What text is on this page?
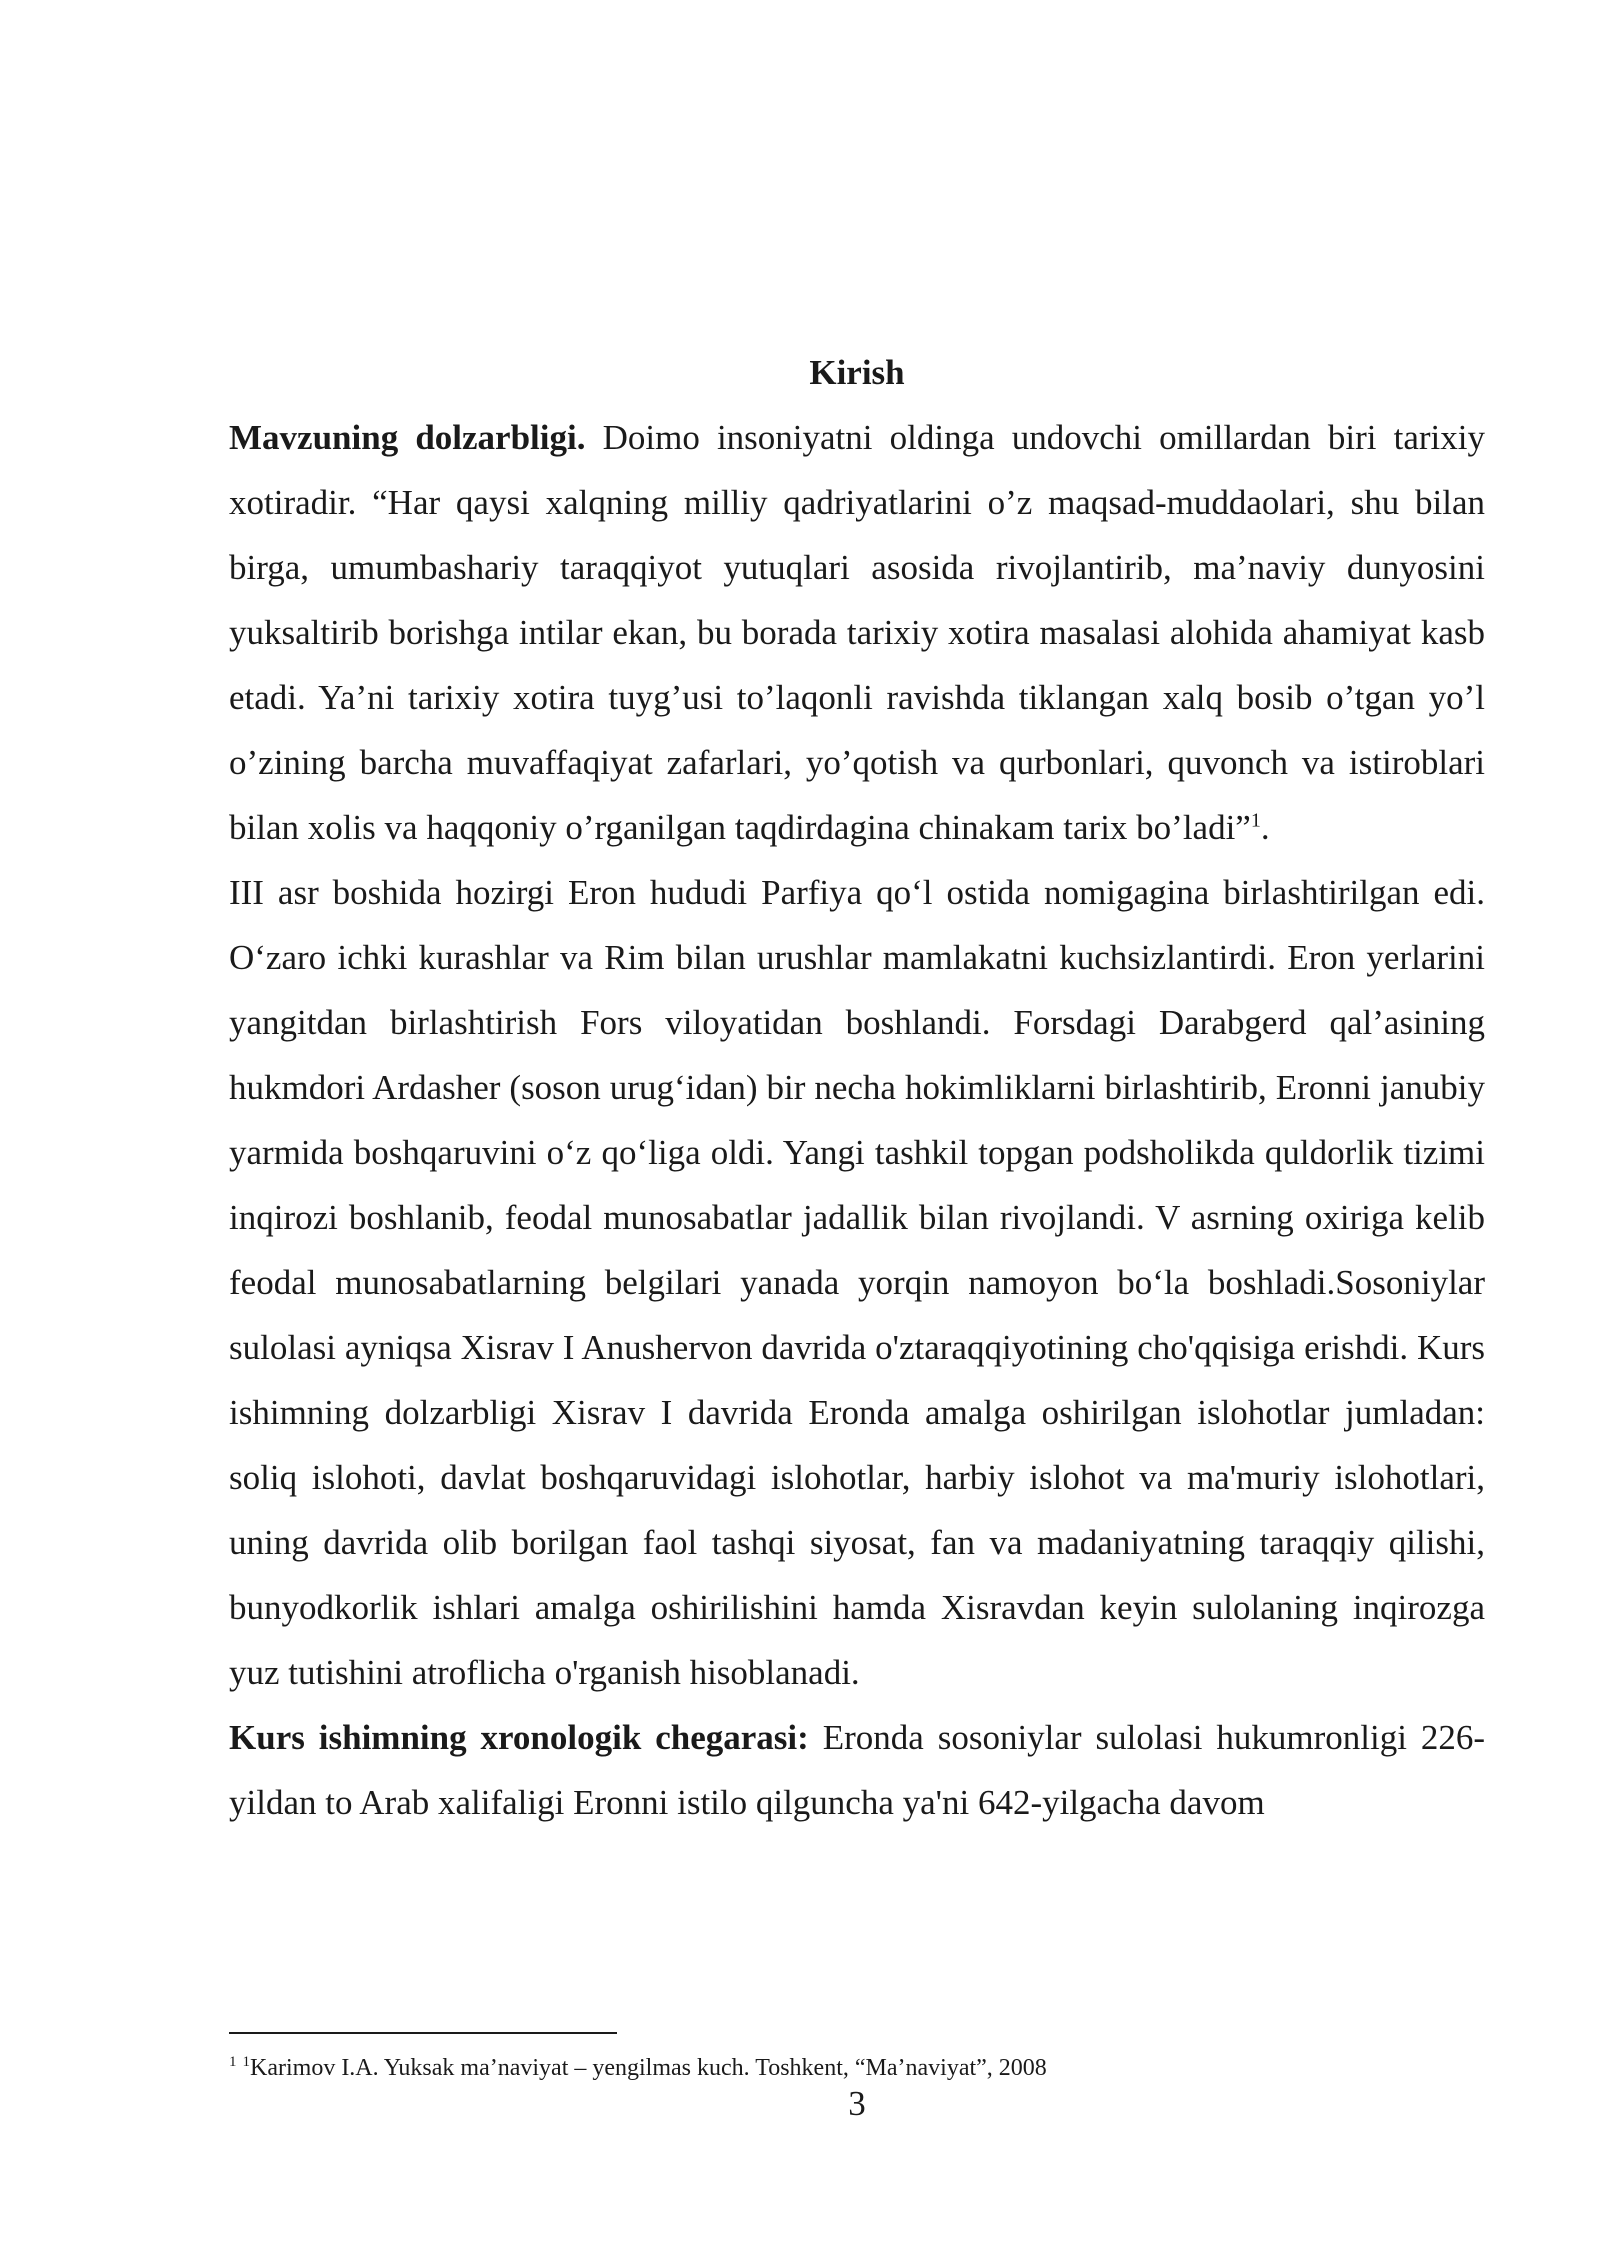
Kirish

Mavzuning dolzarbligi. Doimo insoniyatni oldinga undovchi omillardan biri tarixiy xotiradir. “Har qaysi xalqning milliy qadriyatlarini o’z maqsad-muddaolari, shu bilan birga, umumbashariy taraqqiyot yutuqlari asosida rivojlantirib, ma’naviy dunyosini yuksaltirib borishga intilar ekan, bu borada tarixiy xotira masalasi alohida ahamiyat kasb etadi. Ya’ni tarixiy xotira tuyg’usi to’laqonli ravishda tiklangan xalq bosib o’tgan yo’l o’zining barcha muvaffaqiyat zafarlari, yo’qotish va qurbonlari, quvonch va istiroblari bilan xolis va haqqoniy o’rganilgan taqdirdagina chinakam tarix bo’ladi”$^1$.

III asr boshida hozirgi Eron hududi Parfiya qo‘l ostida nomigagina birlashtirilgan edi. O‘zaro ichki kurashlar va Rim bilan urushlar mamlakatni kuchsizlantirdi. Eron yerlarini yangitdan birlashtirish Fors viloyatidan boshlandi. Forsdagi Darabgerd qal’asining hukmdori Ardasher (soson urug‘idan) bir necha hokimliklarni birlashtirib, Eronni janubiy yarmida boshqaruvini o‘z qo‘liga oldi. Yangi tashkil topgan podsholikda quldorlik tizimi inqirozi boshlanib, feodal munosabatlar jadallik bilan rivojlandi. V asrning oxiriga kelib feodal munosabatlarning belgilari yanada yorqin namoyon bo‘la boshladi.Sosoniylar sulolasi ayniqsa Xisrav I Anushervon davrida o'ztaraqqiyotining cho'qqisiga erishdi. Kurs ishimning dolzarbligi Xisrav I davrida Eronda amalga oshirilgan islohotlar jumladan: soliq islohoti, davlat boshqaruvidagi islohotlar, harbiy islohot va ma'muriy islohotlari, uning davrida olib borilgan faol tashqi siyosat, fan va madaniyatning taraqqiy qilishi, bunyodkorlik ishlari amalga oshirilishini hamda Xisravdan keyin sulolaning inqirozga yuz tutishini atroflicha o'rganish hisoblanadi.

Kurs ishimning xronologik chegarasi: Eronda sosoniylar sulolasi hukumronligi 226-yildan to Arab xalifaligi Eronni istilo qilguncha ya'ni 642-yilgacha davom

$^1$ $^1$Karimov I.A. Yuksak ma’naviyat – yengilmas kuch. Toshkent, “Ma’naviyat”, 2008
3
